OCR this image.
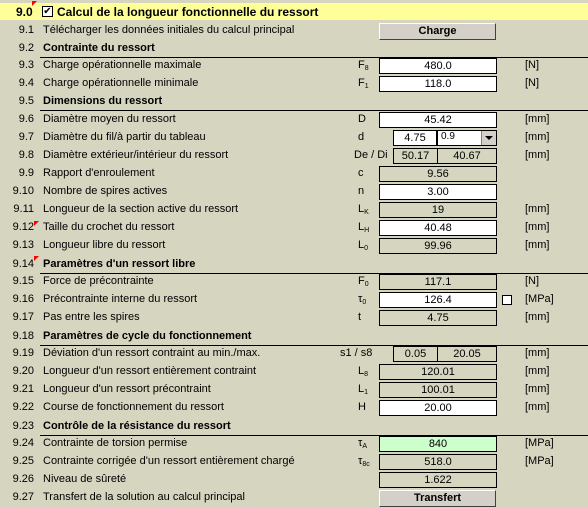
9.0 ✔ Calcul de la longueur fonctionnelle du ressort
9.1 Télécharger les données initiales du calcul principal	Charge
9.2 Contrainte du ressort
9.3 Charge opérationnelle maximale	$F_8$	480.0	[N]
9.4 Charge opérationnelle minimale	$F_1$	118.0	[N]
9.5 Dimensions du ressort
9.6 Diamètre moyen du ressort	D	45.42	[mm]
9.7 Diamètre du fil/à partir du tableau	d	4.75	0.9	[mm]
9.8 Diamètre extérieur/intérieur du ressort	De / Di	50.17	40.67	[mm]
9.9 Rapport d'enroulement	c	9.56
9.10 Nombre de spires actives	n	3.00
9.11 Longueur de la section active du ressort	$L_K$	19	[mm]
9.12 Taille du crochet du ressort	$L_H$	40.48	[mm]
9.13 Longueur libre du ressort	$L_0$	99.96	[mm]
9.14 Paramètres d'un ressort libre
9.15 Force de précontrainte	$F_0$	117.1	[N]
9.16 Précontrainte interne du ressort	$\tau_0$	126.4	[MPa]
9.17 Pas entre les spires	t	4.75	[mm]
9.18 Paramètres de cycle du fonctionnement
9.19 Déviation d'un ressort contraint au min./max.	s1 / s8	0.05	20.05	[mm]
9.20 Longueur d'un ressort entièrement contraint	$L_8$	120.01	[mm]
9.21 Longueur d'un ressort précontraint	$L_1$	100.01	[mm]
9.22 Course de fonctionnement du ressort	H	20.00	[mm]
9.23 Contrôle de la résistance du ressort
9.24 Contrainte de torsion permise	$\tau_A$	840	[MPa]
9.25 Contrainte corrigée d'un ressort entièrement chargé	$\tau_{8c}$	518.0	[MPa]
9.26 Niveau de sûreté	1.622
9.27 Transfert de la solution au calcul principal	Transfert
